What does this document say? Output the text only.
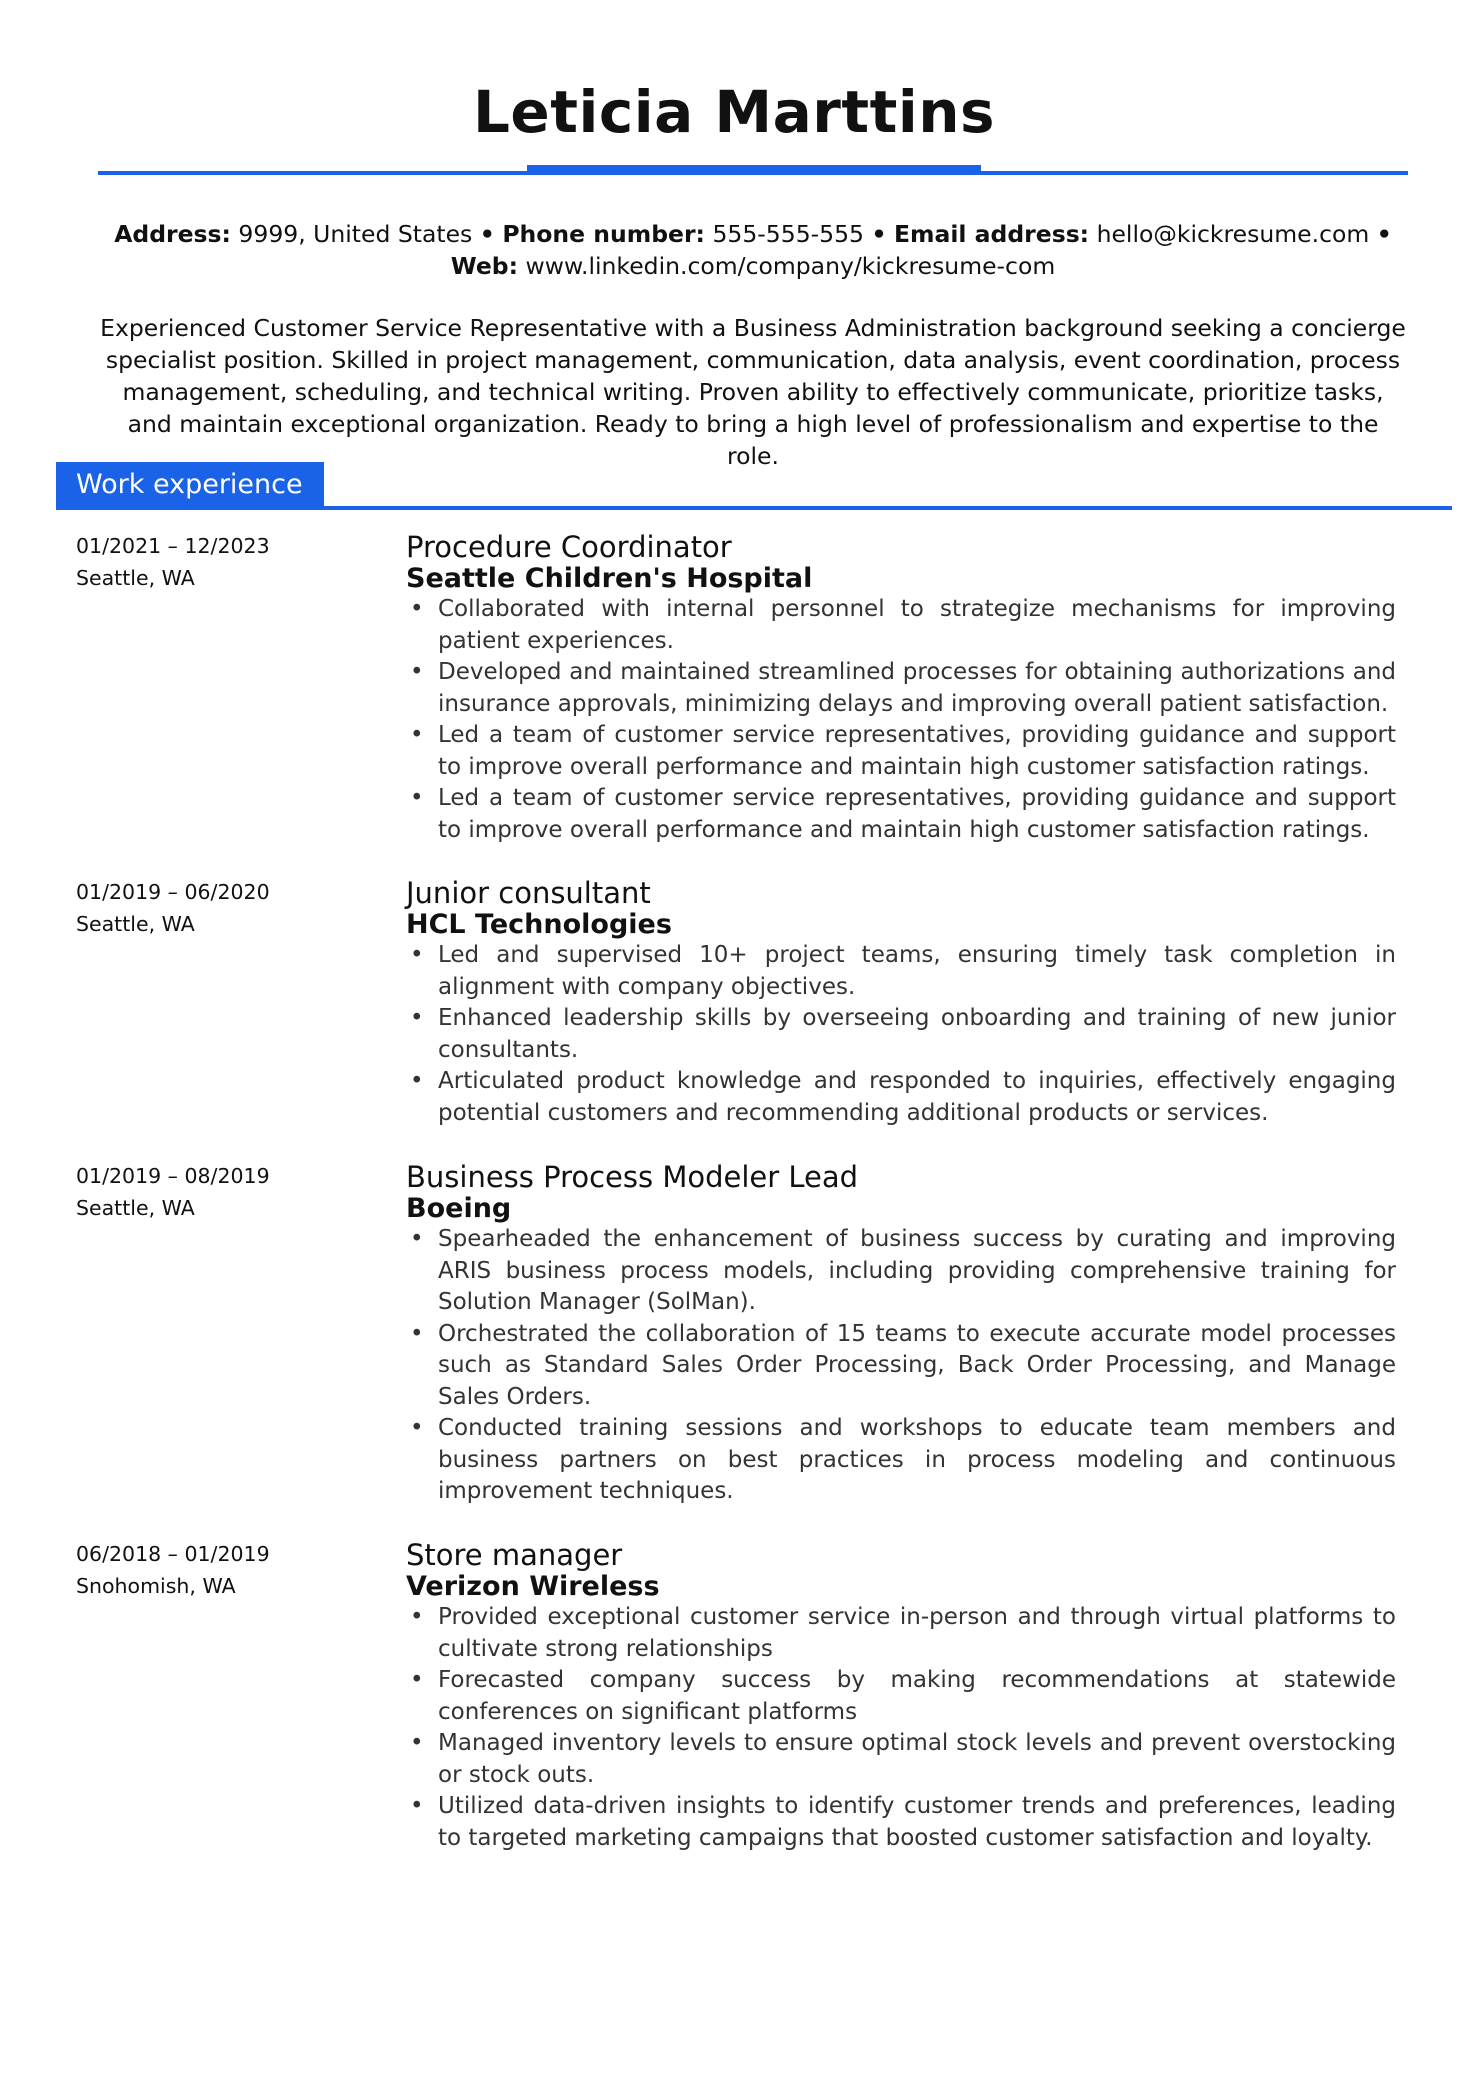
Leticia Marttins
Address: 9999, United States • Phone number: 555-555-555 • Email address: hello@kickresume.com •
Web: www.linkedin.com/company/kickresume-com
Experienced Customer Service Representative with a Business Administration background seeking a concierge specialist position. Skilled in project management, communication, data analysis, event coordination, process management, scheduling, and technical writing. Proven ability to effectively communicate, prioritize tasks, and maintain exceptional organization. Ready to bring a high level of professionalism and expertise to the role.
Work experience
01/2021 – 12/2023
Seattle, WA
Procedure Coordinator
Seattle Children's Hospital
• Collaborated with internal personnel to strategize mechanisms for improving patient experiences.
• Developed and maintained streamlined processes for obtaining authorizations and insurance approvals, minimizing delays and improving overall patient satisfaction.
• Led a team of customer service representatives, providing guidance and support to improve overall performance and maintain high customer satisfaction ratings.
• Led a team of customer service representatives, providing guidance and support to improve overall performance and maintain high customer satisfaction ratings.
01/2019 – 06/2020
Seattle, WA
Junior consultant
HCL Technologies
• Led and supervised 10+ project teams, ensuring timely task completion in alignment with company objectives.
• Enhanced leadership skills by overseeing onboarding and training of new junior consultants.
• Articulated product knowledge and responded to inquiries, effectively engaging potential customers and recommending additional products or services.
01/2019 – 08/2019
Seattle, WA
Business Process Modeler Lead
Boeing
• Spearheaded the enhancement of business success by curating and improving ARIS business process models, including providing comprehensive training for Solution Manager (SolMan).
• Orchestrated the collaboration of 15 teams to execute accurate model processes such as Standard Sales Order Processing, Back Order Processing, and Manage Sales Orders.
• Conducted training sessions and workshops to educate team members and business partners on best practices in process modeling and continuous improvement techniques.
06/2018 – 01/2019
Snohomish, WA
Store manager
Verizon Wireless
• Provided exceptional customer service in-person and through virtual platforms to cultivate strong relationships
• Forecasted company success by making recommendations at statewide conferences on significant platforms
• Managed inventory levels to ensure optimal stock levels and prevent overstocking or stock outs.
• Utilized data-driven insights to identify customer trends and preferences, leading to targeted marketing campaigns that boosted customer satisfaction and loyalty.
